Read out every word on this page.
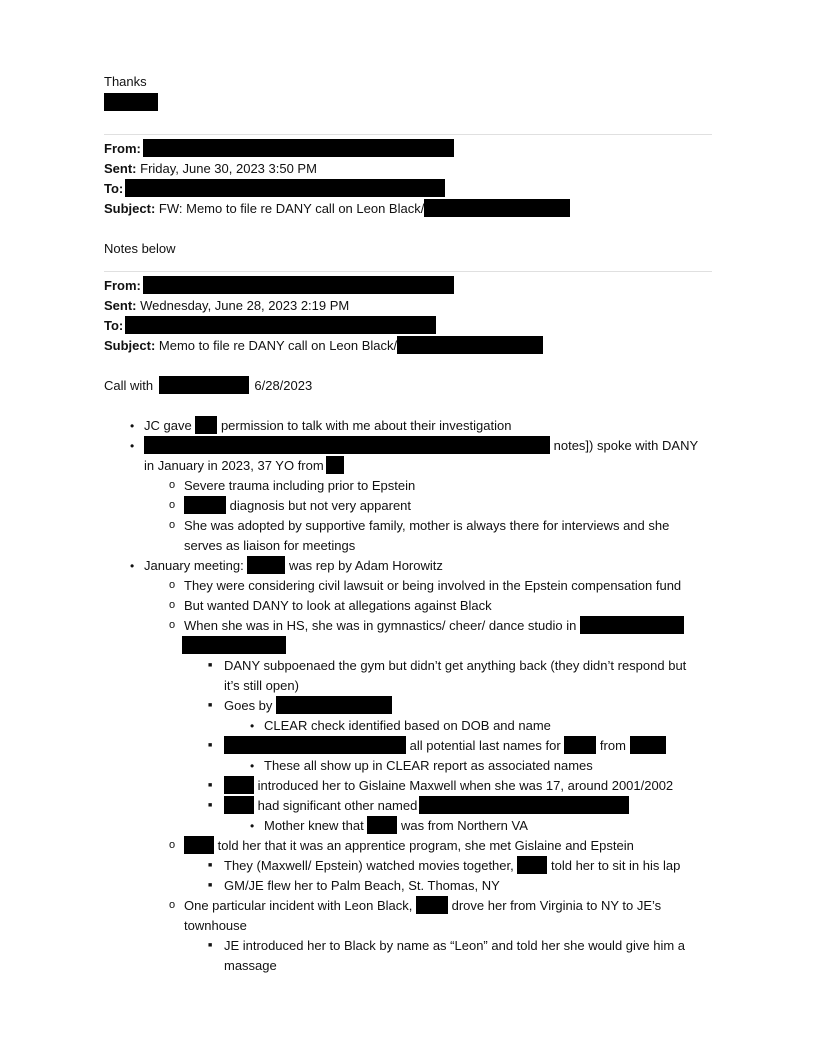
Thanks
From:
Sent: Friday, June 30, 2023 3:50 PM
To:
Subject: FW: Memo to file re DANY call on Leon Black/
Notes below
From:
Sent: Wednesday, June 28, 2023 2:19 PM
To:
Subject: Memo to file re DANY call on Leon Black/
Call with	6/28/2023
• JC gave permission to talk with me about their investigation
• notes]) spoke with DANY
in January in 2023, 37 YO from
o Severe trauma including prior to Epstein
o diagnosis but not very apparent
o She was adopted by supportive family, mother is always there for interviews and she
serves as liaison for meetings
• January meeting:	was rep by Adam Horowitz
o They were considering civil lawsuit or being involved in the Epstein compensation fund
o But wanted DANY to look at allegations against Black
o When she was in HS, she was in gymnastics/ cheer/ dance studio in

■ DANY subpoenaed the gym but didn’t get anything back (they didn’t respond but
it’s still open)
■ Goes by
• CLEAR check identified based on DOB and name
■ all potential last names for	from
• These all show up in CLEAR report as associated names
■ introduced her to Gislaine Maxwell when she was 17, around 2001/2002
■ had significant other named
• Mother knew that	was from Northern VA
o told her that it was an apprentice program, she met Gislaine and Epstein
■ They (Maxwell/ Epstein) watched movies together,	told her to sit in his lap
■ GM/JE flew her to Palm Beach, St. Thomas, NY
o One particular incident with Leon Black,	drove her from Virginia to NY to JE’s
townhouse
■ JE introduced her to Black by name as “Leon” and told her she would give him a
massage
